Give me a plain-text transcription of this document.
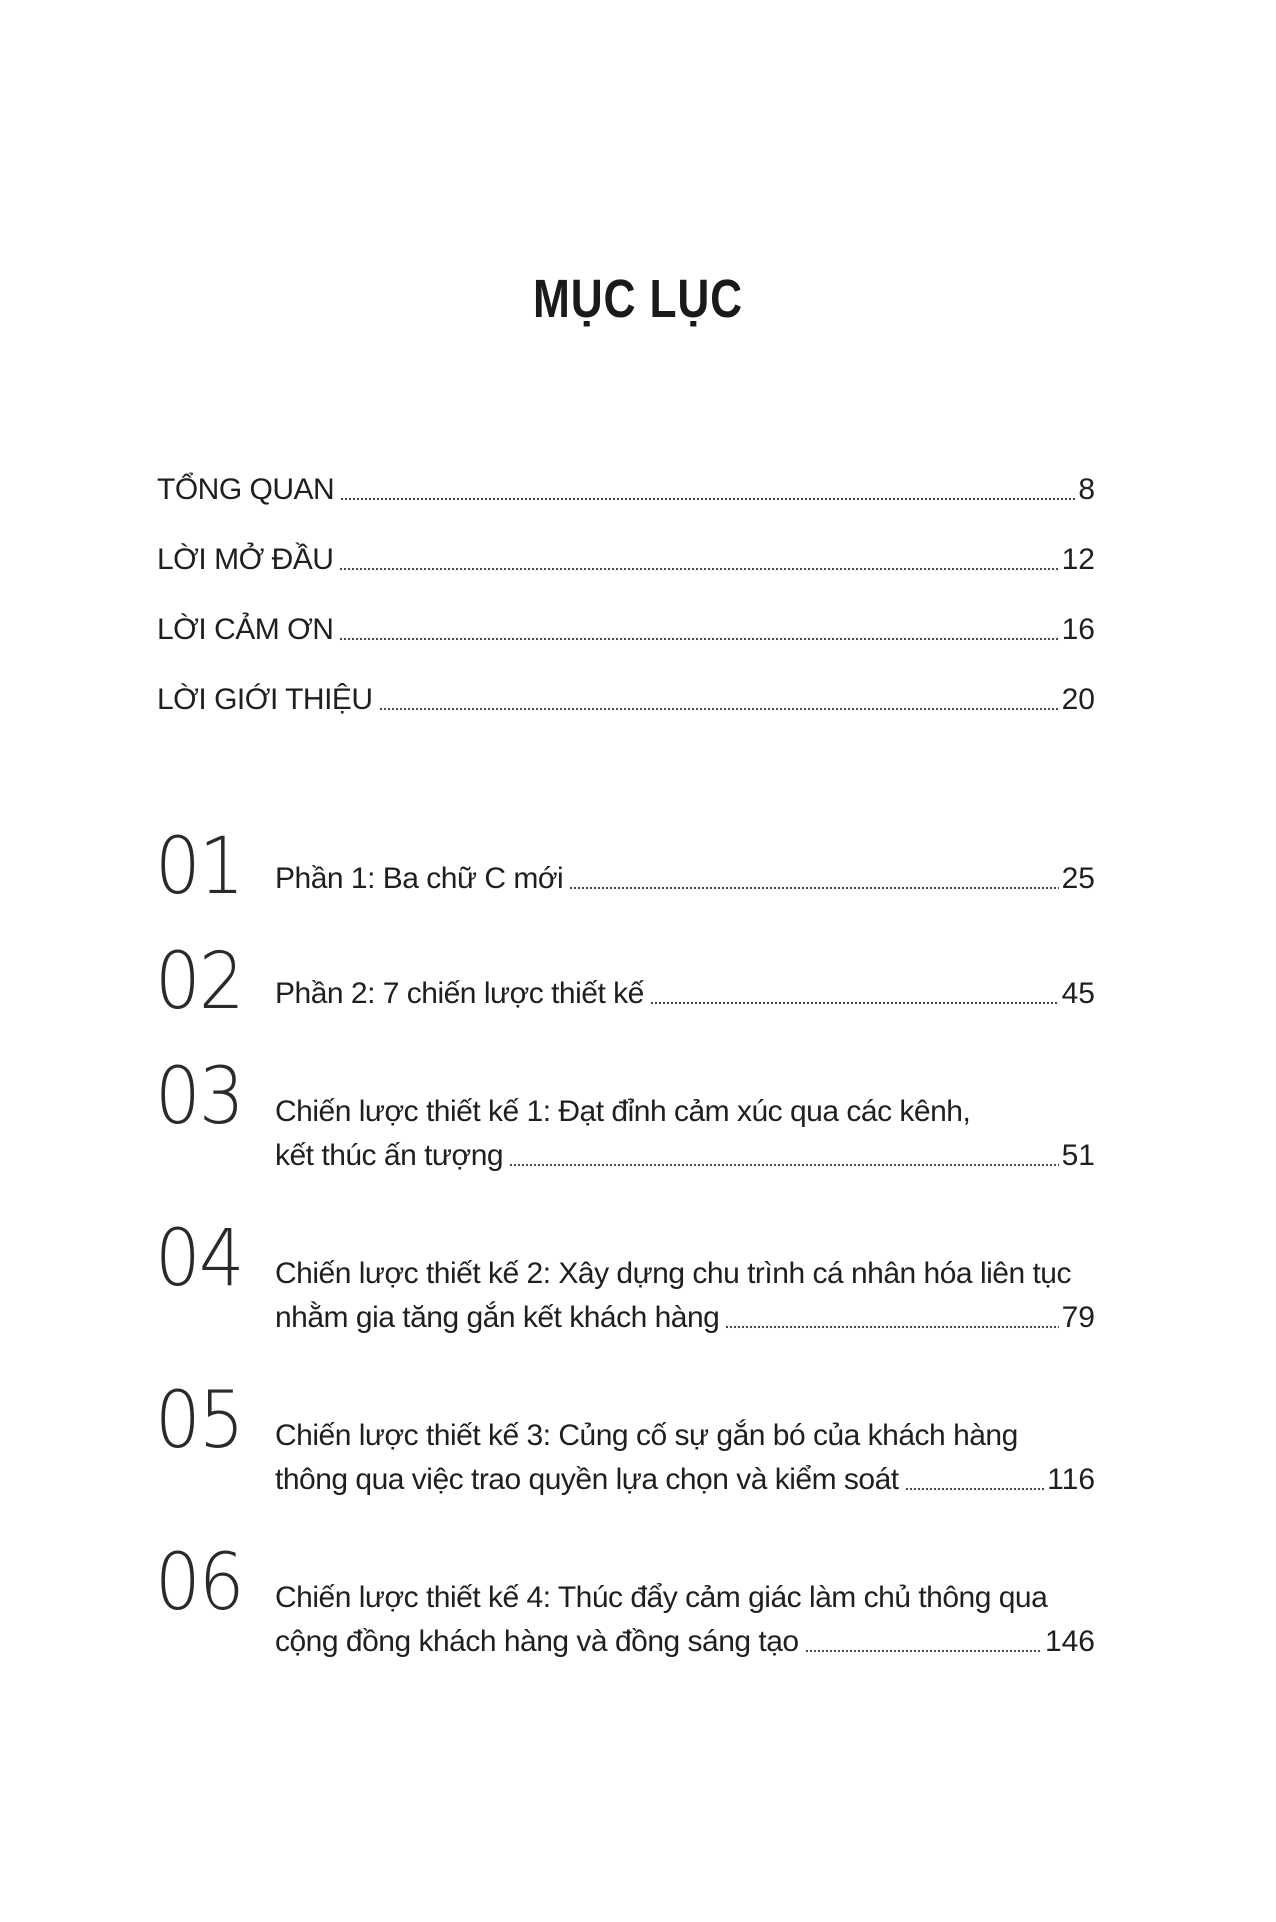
MỤC LỤC
TỔNG QUAN	8
LỜI MỞ ĐẦU	12
LỜI CẢM ƠN	16
LỜI GIỚI THIỆU	20
01 Phần 1: Ba chữ C mới	25
02 Phần 2: 7 chiến lược thiết kế	45
03 Chiến lược thiết kế 1: Đạt đỉnh cảm xúc qua các kênh,
kết thúc ấn tượng	51
04 Chiến lược thiết kế 2: Xây dựng chu trình cá nhân hóa liên tục
nhằm gia tăng gắn kết khách hàng	79
05 Chiến lược thiết kế 3: Củng cố sự gắn bó của khách hàng
thông qua việc trao quyền lựa chọn và kiểm soát	116
06 Chiến lược thiết kế 4: Thúc đẩy cảm giác làm chủ thông qua
cộng đồng khách hàng và đồng sáng tạo	146
